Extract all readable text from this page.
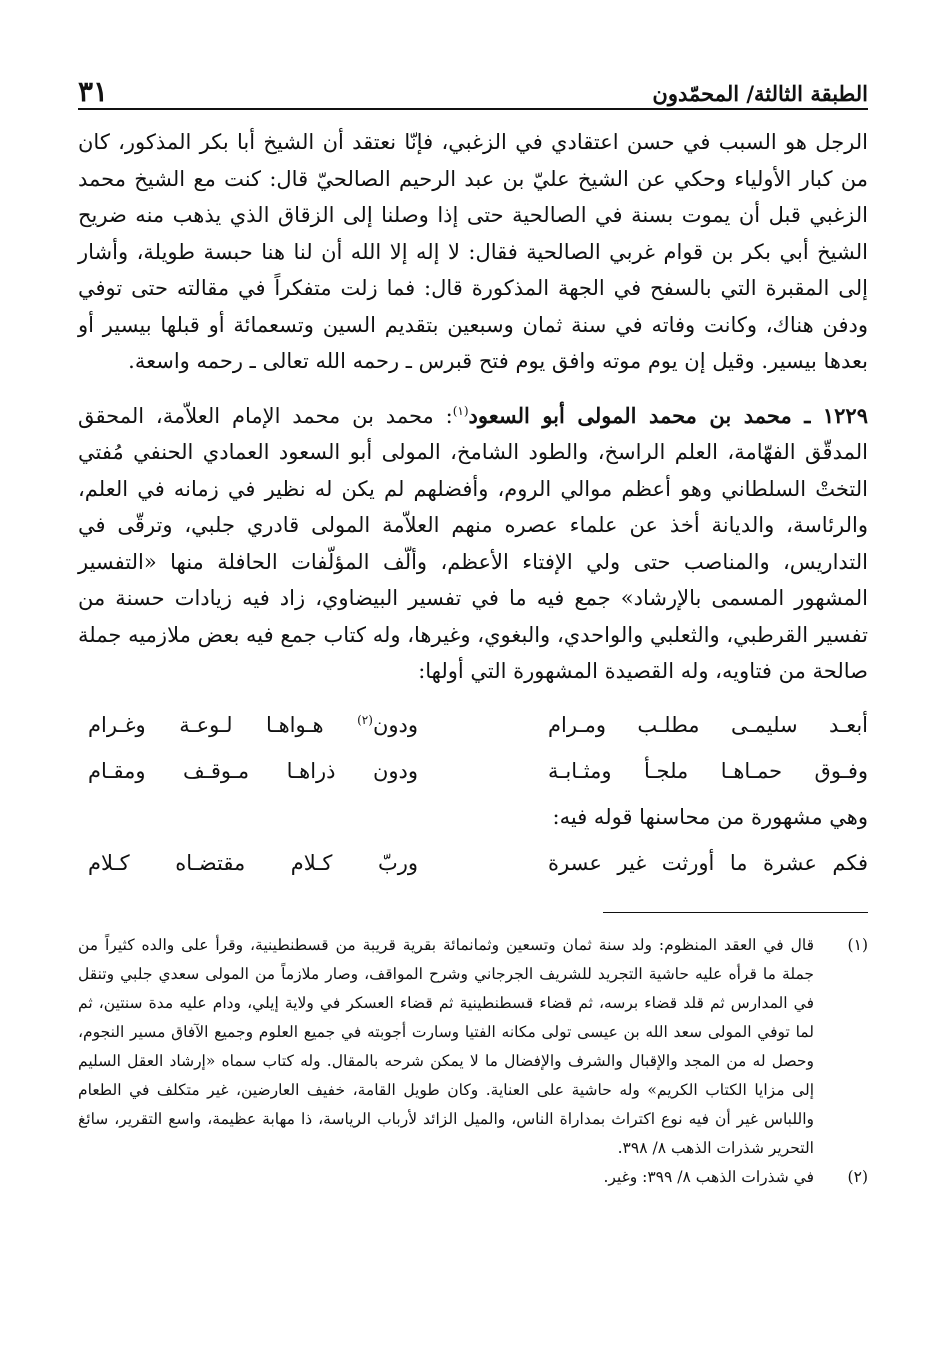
الطبقة الثالثة/ المحمّدون
٣١

الرجل هو السبب في حسن اعتقادي في الزغبي، فإنّا نعتقد أن الشيخ أبا بكر المذكور، كان من كبار الأولياء وحكي عن الشيخ عليّ بن عبد الرحيم الصالحيّ قال: كنت مع الشيخ محمد الزغبي قبل أن يموت بسنة في الصالحية حتى إذا وصلنا إلى الزقاق الذي يذهب منه ضريح الشيخ أبي بكر بن قوام غربي الصالحية فقال: لا إله إلا الله أن لنا هنا حبسة طويلة، وأشار إلى المقبرة التي بالسفح في الجهة المذكورة قال: فما زلت متفكراً في مقالته حتى توفي ودفن هناك، وكانت وفاته في سنة ثمان وسبعين بتقديم السين وتسعمائة أو قبلها بيسير أو بعدها بيسير. وقيل إن يوم موته وافق يوم فتح قبرس ـ رحمه الله تعالى ـ رحمه واسعة.

١٢٢٩ ـ محمد بن محمد المولى أبو السعود$^{(١)}$: محمد بن محمد الإمام العلاّمة، المحقق المدقّق الفهّامة، العلم الراسخ، والطود الشامخ، المولى أبو السعود العمادي الحنفي مُفتي التختْ السلطاني وهو أعظم موالي الروم، وأفضلهم لم يكن له نظير في زمانه في العلم، والرئاسة، والديانة أخذ عن علماء عصره منهم العلاّمة المولى قادري جلبي، وترقّى في التداريس، والمناصب حتى ولي الإفتاء الأعظم، وألّف المؤلّفات الحافلة منها «التفسير المشهور المسمى بالإرشاد» جمع فيه ما في تفسير البيضاوي، زاد فيه زيادات حسنة من تفسير القرطبي، والثعلبي والواحدي، والبغوي، وغيرها، وله كتاب جمع فيه بعض ملازميه جملة صالحة من فتاويه، وله القصيدة المشهورة التي أولها:

أبعـد سليمـى مطلـب ومـرام
ودون$^{(٢)}$ هـواهـا لـوعـة وغـرام
وفـوق حمـاهـا ملجـأ ومثـابـة
ودون ذراهـا مـوقـف ومقـام
وهي مشهورة من محاسنها قوله فيه:
فكم عشرة ما أورثت غير عسرة
وربّ كـلام مقتضـاه كـلام
(١)
قال في العقد المنظوم: ولد سنة ثمان وتسعين وثمانمائة بقرية قريبة من قسطنطينية، وقرأ على والده كثيراً من جملة ما قرأه عليه حاشية التجريد للشريف الجرجاني وشرح المواقف، وصار ملازماً من المولى سعدي جلبي وتنقل في المدارس ثم قلد قضاء برسه، ثم قضاء قسطنطينية ثم قضاء العسكر في ولاية إيلي، ودام عليه مدة سنتين، ثم لما توفي المولى سعد الله بن عيسى تولى مكانه الفتيا وسارت أجوبته في جميع العلوم وجميع الآفاق مسير النجوم، وحصل له من المجد والإقبال والشرف والإفضال ما لا يمكن شرحه بالمقال. وله كتاب سماه «إرشاد العقل السليم إلى مزايا الكتاب الكريم» وله حاشية على العناية. وكان طويل القامة، خفيف العارضين، غير متكلف في الطعام واللباس غير أن فيه نوع اكتراث بمداراة الناس، والميل الزائد لأرباب الرياسة، ذا مهابة عظيمة، واسع التقرير، سائغ التحرير شذرات الذهب ٨/ ٣٩٨.
(٢)
في شذرات الذهب ٨/ ٣٩٩: وغير.
